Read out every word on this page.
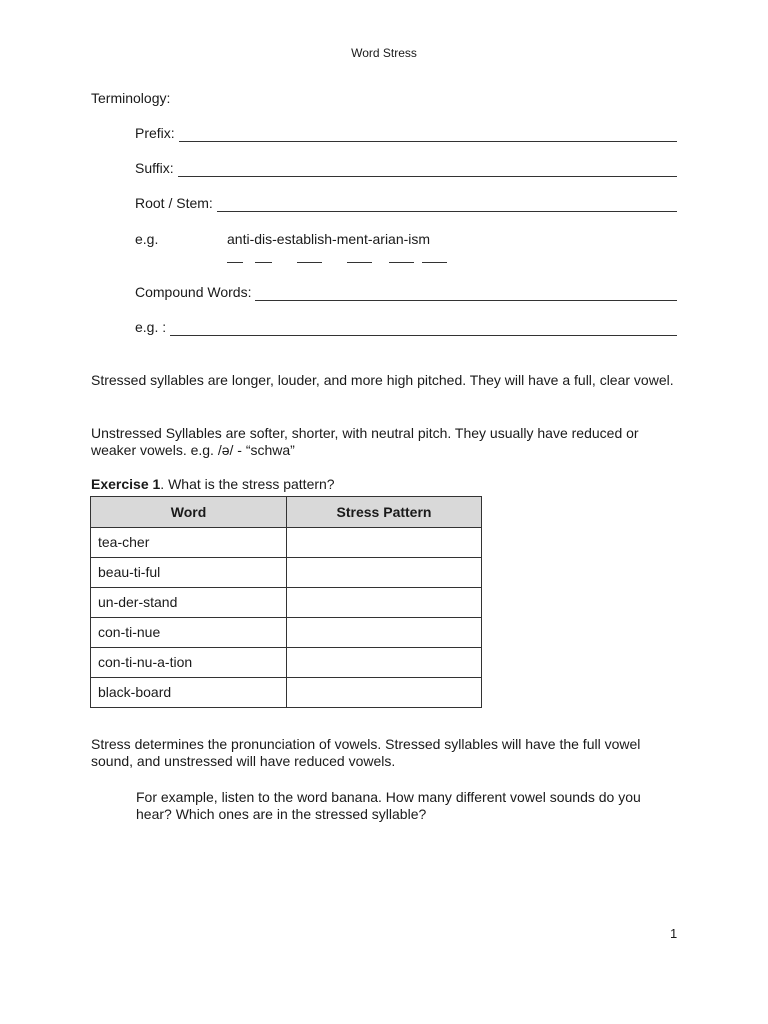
Word Stress
Terminology:
Prefix:
Suffix:
Root / Stem:
e.g.	anti-dis-establish-ment-arian-ism
Compound Words:
e.g. :
Stressed syllables are longer, louder, and more high pitched. They will have a full, clear vowel.
Unstressed Syllables are softer, shorter, with neutral pitch. They usually have reduced or weaker vowels. e.g. /ə/ - “schwa”
Exercise 1. What is the stress pattern?
Word	Stress Pattern
tea-cher	
beau-ti-ful	
un-der-stand	
con-ti-nue	
con-ti-nu-a-tion	
black-board	
Stress determines the pronunciation of vowels. Stressed syllables will have the full vowel sound, and unstressed will have reduced vowels.
For example, listen to the word banana. How many different vowel sounds do you hear? Which ones are in the stressed syllable?
1
